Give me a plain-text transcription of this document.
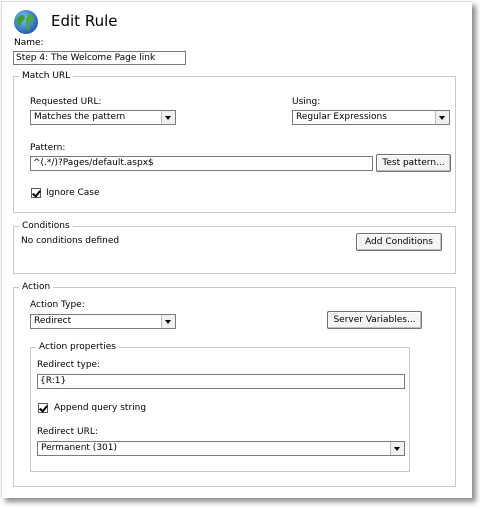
Edit Rule
Name:
Step 4: The Welcome Page link
Match URL
Requested URL:
Matches the pattern
Using:
Regular Expressions
Pattern:
^(.*/)?Pages/default.aspx$	Test pattern...
Ignore Case
Conditions
No conditions defined	Add Conditions
Action
Action Type:
Redirect	Server Variables...
Action properties
Redirect type:
{R:1}
Append query string
Redirect URL:
Permanent (301)
